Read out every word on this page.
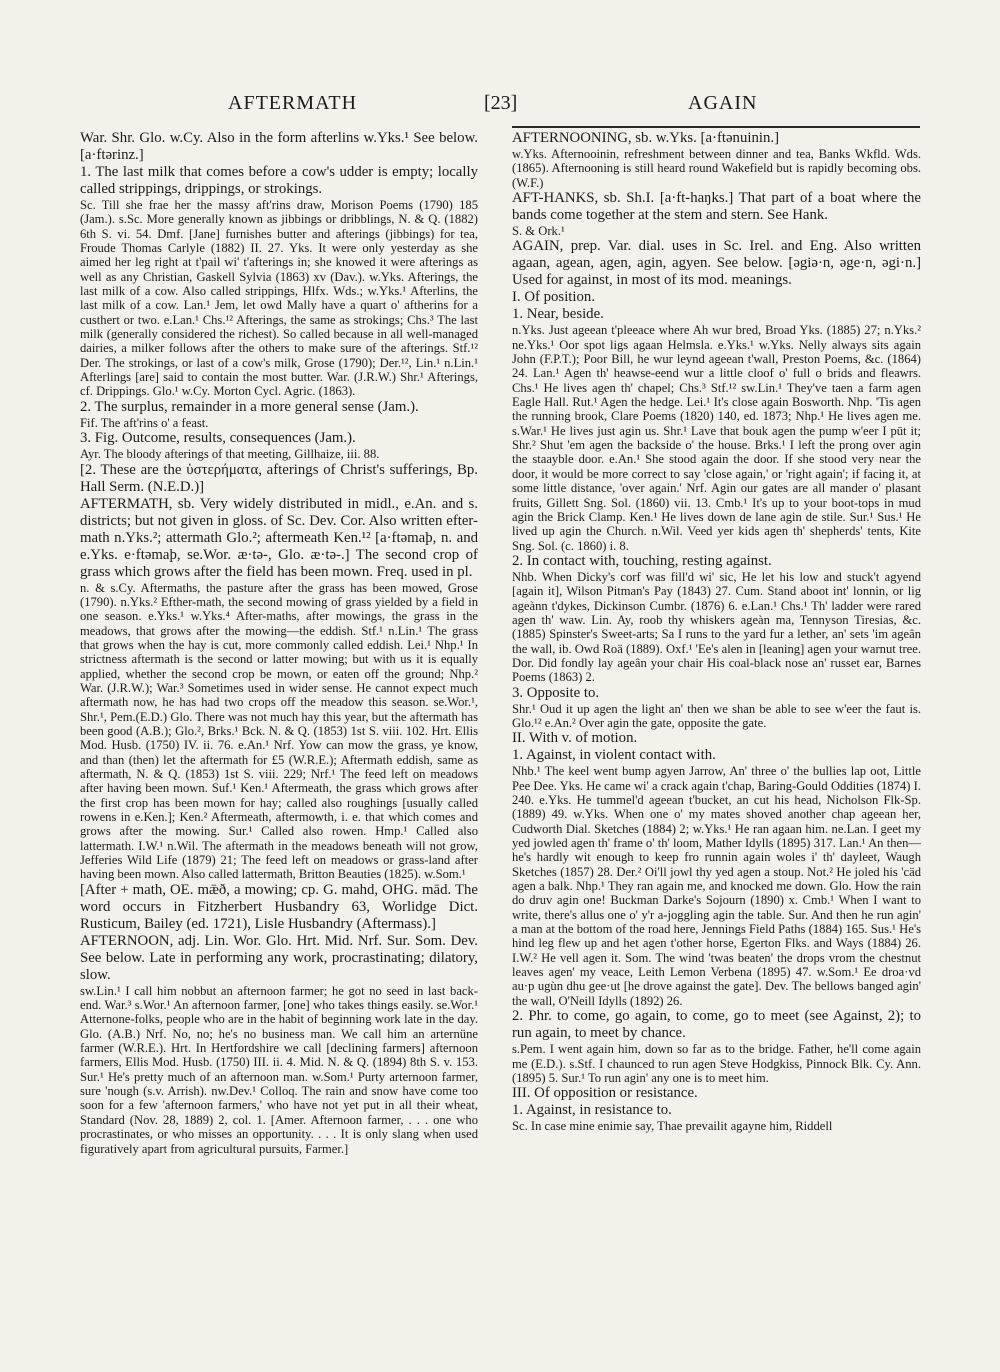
AFTERMATH	[23]	AGAIN

War. Shr. Glo. w.Cy. Also in the form afterlins w.Yks.¹ See below. [a·ftərinz.]

1. The last milk that comes before a cow's udder is empty; locally called strippings, drippings, or strokings.

Sc. Till she frae her the massy aft'rins draw, Morison Poems (1790) 185 (Jam.). s.Sc. More generally known as jibbings or dribblings, N. & Q. (1882) 6th S. vi. 54. Dmf. [Jane] furnishes butter and afterings (jibbings) for tea, Froude Thomas Carlyle (1882) II. 27. Yks. It were only yesterday as she aimed her leg right at t'pail wi' t'afterings in; she knowed it were afterings as well as any Christian, Gaskell Sylvia (1863) xv (Dav.). w.Yks. Afterings, the last milk of a cow. Also called strippings, Hlfx. Wds.; w.Yks.¹ Afterlins, the last milk of a cow. Lan.¹ Jem, let owd Mally have a quart o' aftherins for a custhert or two. e.Lan.¹ Chs.¹² Afterings, the same as strokings; Chs.³ The last milk (generally considered the richest). So called because in all well-managed dairies, a milker follows after the others to make sure of the afterings. Stf.¹² Der. The strokings, or last of a cow's milk, Grose (1790); Der.¹², Lin.¹ n.Lin.¹ Afterlings [are] said to contain the most butter. War. (J.R.W.) Shr.¹ Afterings, cf. Drippings. Glo.¹ w.Cy. Morton Cycl. Agric. (1863).

2. The surplus, remainder in a more general sense (Jam.).

Fif. The aft'rins o' a feast.

3. Fig. Outcome, results, consequences (Jam.).

Ayr. The bloody afterings of that meeting, Gillhaize, iii. 88.

[2. These are the ὑστερήματα, afterings of Christ's sufferings, Bp. Hall Serm. (N.E.D.)]

AFTERMATH, sb. Very widely distributed in midl., e.An. and s. districts; but not given in gloss. of Sc. Dev. Cor. Also written efter-math n.Yks.²; attermath Glo.²; aftermeath Ken.¹² [a·ftəmaþ, n. and e.Yks. e·ftəmaþ, se.Wor. æ·tə-, Glo. æ·tə-.] The second crop of grass which grows after the field has been mown. Freq. used in pl.

n. & s.Cy. Aftermaths, the pasture after the grass has been mowed, Grose (1790). n.Yks.² Efther-math, the second mowing of grass yielded by a field in one season. e.Yks.¹ w.Yks.⁴ After-maths, after mowings, the grass in the meadows, that grows after the mowing—the eddish. Stf.¹ n.Lin.¹ The grass that grows when the hay is cut, more commonly called eddish. Lei.¹ Nhp.¹ In strictness aftermath is the second or latter mowing; but with us it is equally applied, whether the second crop be mown, or eaten off the ground; Nhp.² War. (J.R.W.); War.³ Sometimes used in wider sense. He cannot expect much aftermath now, he has had two crops off the meadow this season. se.Wor.¹, Shr.¹, Pem.(E.D.) Glo. There was not much hay this year, but the aftermath has been good (A.B.); Glo.², Brks.¹ Bck. N. & Q. (1853) 1st S. viii. 102. Hrt. Ellis Mod. Husb. (1750) IV. ii. 76. e.An.¹ Nrf. Yow can mow the grass, ye know, and than (then) let the aftermath for £5 (W.R.E.); Aftermath eddish, same as aftermath, N. & Q. (1853) 1st S. viii. 229; Nrf.¹ The feed left on meadows after having been mown. Suf.¹ Ken.¹ Aftermeath, the grass which grows after the first crop has been mown for hay; called also roughings [usually called rowens in e.Ken.]; Ken.² Aftermeath, aftermowth, i. e. that which comes and grows after the mowing. Sur.¹ Called also rowen. Hmp.¹ Called also lattermath. I.W.¹ n.Wil. The aftermath in the meadows beneath will not grow, Jefferies Wild Life (1879) 21; The feed left on meadows or grass-land after having been mown. Also called lattermath, Britton Beauties (1825). w.Som.¹

[After + math, OE. mǣð, a mowing; cp. G. mahd, OHG. mād. The word occurs in Fitzherbert Husbandry 63, Worlidge Dict. Rusticum, Bailey (ed. 1721), Lisle Husbandry (Aftermass).]

AFTERNOON, adj. Lin. Wor. Glo. Hrt. Mid. Nrf. Sur. Som. Dev. See below. Late in performing any work, procrastinating; dilatory, slow.

sw.Lin.¹ I call him nobbut an afternoon farmer; he got no seed in last back-end. War.³ s.Wor.¹ An afternoon farmer, [one] who takes things easily. se.Wor.¹ Atternone-folks, people who are in the habit of beginning work late in the day. Glo. (A.B.) Nrf. No, no; he's no business man. We call him an arternüne farmer (W.R.E.). Hrt. In Hertfordshire we call [declining farmers] afternoon farmers, Ellis Mod. Husb. (1750) III. ii. 4. Mid. N. & Q. (1894) 8th S. v. 153. Sur.¹ He's pretty much of an afternoon man. w.Som.¹ Purty arternoon farmer, sure 'nough (s.v. Arrish). nw.Dev.¹ Colloq. The rain and snow have come too soon for a few 'afternoon farmers,' who have not yet put in all their wheat, Standard (Nov. 28, 1889) 2, col. 1. [Amer. Afternoon farmer, . . . one who procrastinates, or who misses an opportunity. . . . It is only slang when used figuratively apart from agricultural pursuits, Farmer.]

AFTERNOONING, sb. w.Yks. [a·ftənuinin.]

w.Yks. Afternooinin, refreshment between dinner and tea, Banks Wkfld. Wds. (1865). Afternooning is still heard round Wakefield but is rapidly becoming obs. (W.F.)

AFT-HANKS, sb. Sh.I. [a·ft-haŋks.] That part of a boat where the bands come together at the stem and stern. See Hank.

S. & Ork.¹

AGAIN, prep. Var. dial. uses in Sc. Irel. and Eng. Also written agaan, agean, agen, agin, agyen. See below. [əgiə·n, əge·n, əgi·n.] Used for against, in most of its mod. meanings.

I. Of position.

1. Near, beside.

n.Yks. Just ageean t'pleeace where Ah wur bred, Broad Yks. (1885) 27; n.Yks.² ne.Yks.¹ Oor spot ligs agaan Helmsla. e.Yks.¹ w.Yks. Nelly always sits again John (F.P.T.); Poor Bill, he wur leynd ageean t'wall, Preston Poems, &c. (1864) 24. Lan.¹ Agen th' heawse-eend wur a little cloof o' full o brids and fleawrs. Chs.¹ He lives agen th' chapel; Chs.³ Stf.¹² sw.Lin.¹ They've taen a farm agen Eagle Hall. Rut.¹ Agen the hedge. Lei.¹ It's close again Bosworth. Nhp. 'Tis agen the running brook, Clare Poems (1820) 140, ed. 1873; Nhp.¹ He lives agen me. s.War.¹ He lives just agin us. Shr.¹ Lave that bouk agen the pump w'eer I pūt it; Shr.² Shut 'em agen the backside o' the house. Brks.¹ I left the prong over agin the staayble door. e.An.¹ She stood again the door. If she stood very near the door, it would be more correct to say 'close again,' or 'right again'; if facing it, at some little distance, 'over again.' Nrf. Agin our gates are all mander o' plasant fruits, Gillett Sng. Sol. (1860) vii. 13. Cmb.¹ It's up to your boot-tops in mud agin the Brick Clamp. Ken.¹ He lives down de lane agin de stile. Sur.¹ Sus.¹ He lived up agin the Church. n.Wil. Veed yer kids agen th' shepherds' tents, Kite Sng. Sol. (c. 1860) i. 8.

2. In contact with, touching, resting against.

Nhb. When Dicky's corf was fill'd wi' sic, He let his low and stuck't agyend [again it], Wilson Pitman's Pay (1843) 27. Cum. Stand aboot int' lonnin, or lig ageànn t'dykes, Dickinson Cumbr. (1876) 6. e.Lan.¹ Chs.¹ Th' ladder were rared agen th' waw. Lin. Ay, roob thy whiskers ageàn ma, Tennyson Tiresias, &c. (1885) Spinster's Sweet-arts; Sa I runs to the yard fur a lether, an' sets 'im ageân the wall, ib. Owd Roä (1889). Oxf.¹ 'Ee's alen in [leaning] agen your warnut tree. Dor. Did fondly lay ageân your chair His coal-black nose an' russet ear, Barnes Poems (1863) 2.

3. Opposite to.

Shr.¹ Oud it up agen the light an' then we shan be able to see w'eer the faut is. Glo.¹² e.An.² Over agin the gate, opposite the gate.

II. With v. of motion.

1. Against, in violent contact with.

Nhb.¹ The keel went bump agyen Jarrow, An' three o' the bullies lap oot, Little Pee Dee. Yks. He came wi' a crack again t'chap, Baring-Gould Oddities (1874) I. 240. e.Yks. He tummel'd ageean t'bucket, an cut his head, Nicholson Flk-Sp. (1889) 49. w.Yks. When one o' my mates shoved another chap ageean her, Cudworth Dial. Sketches (1884) 2; w.Yks.¹ He ran agaan him. ne.Lan. I geet my yed jowled agen th' frame o' th' loom, Mather Idylls (1895) 317. Lan.¹ An then—he's hardly wit enough to keep fro runnin again woles i' th' dayleet, Waugh Sketches (1857) 28. Der.² Oi'll jowl thy yed agen a stoup. Not.² He joled his 'cäd agen a balk. Nhp.¹ They ran again me, and knocked me down. Glo. How the rain do druv agin one! Buckman Darke's Sojourn (1890) x. Cmb.¹ When I want to write, there's allus one o' y'r a-joggling agin the table. Sur. And then he run agin' a man at the bottom of the road here, Jennings Field Paths (1884) 165. Sus.¹ He's hind leg flew up and het agen t'other horse, Egerton Flks. and Ways (1884) 26. I.W.² He vell agen it. Som. The wind 'twas beaten' the drops vrom the chestnut leaves agen' my veace, Leith Lemon Verbena (1895) 47. w.Som.¹ Ee droa·vd au·p ugùn dhu gee·ut [he drove against the gate]. Dev. The bellows banged agin' the wall, O'Neill Idylls (1892) 26.

2. Phr. to come, go again, to come, go to meet (see Against, 2); to run again, to meet by chance.

s.Pem. I went again him, down so far as to the bridge. Father, he'll come again me (E.D.). s.Stf. I chaunced to run agen Steve Hodgkiss, Pinnock Blk. Cy. Ann. (1895) 5. Sur.¹ To run agin' any one is to meet him.

III. Of opposition or resistance.

1. Against, in resistance to.

Sc. In case mine enimie say, Thae prevailit agayne him, Riddell
